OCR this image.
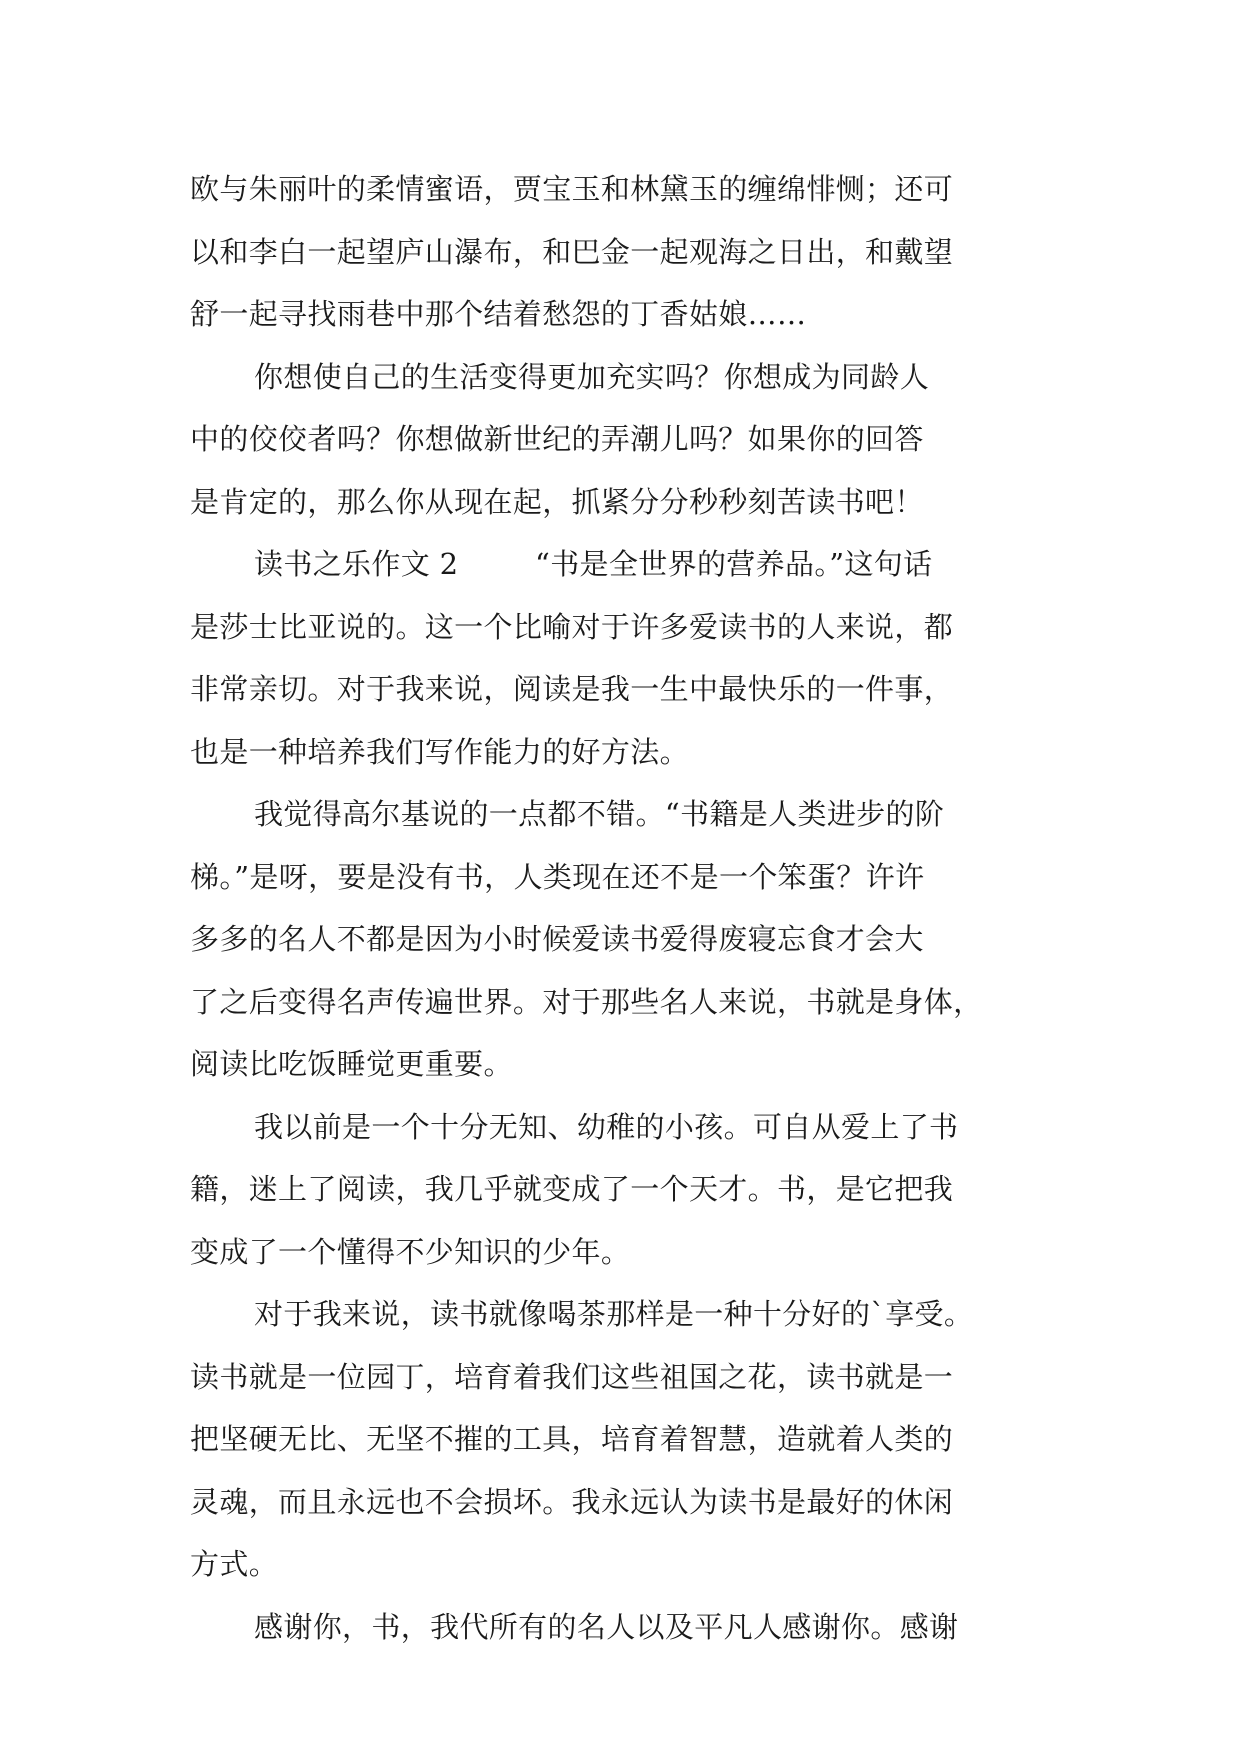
欧与朱丽叶的柔情蜜语，贾宝玉和林黛玉的缠绵悱恻；还可
以和李白一起望庐山瀑布，和巴金一起观海之日出，和戴望
舒一起寻找雨巷中那个结着愁怨的丁香姑娘……
你想使自己的生活变得更加充实吗？你想成为同龄人
中的佼佼者吗？你想做新世纪的弄潮儿吗？如果你的回答
是肯定的，那么你从现在起，抓紧分分秒秒刻苦读书吧！
读书之乐作文 2        “书是全世界的营养品。”这句话
是莎士比亚说的。这一个比喻对于许多爱读书的人来说，都
非常亲切。对于我来说，阅读是我一生中最快乐的一件事，
也是一种培养我们写作能力的好方法。
我觉得高尔基说的一点都不错。“书籍是人类进步的阶
梯。”是呀，要是没有书，人类现在还不是一个笨蛋？许许
多多的名人不都是因为小时候爱读书爱得废寝忘食才会大
了之后变得名声传遍世界。对于那些名人来说，书就是身体，
阅读比吃饭睡觉更重要。
我以前是一个十分无知、幼稚的小孩。可自从爱上了书
籍，迷上了阅读，我几乎就变成了一个天才。书，是它把我
变成了一个懂得不少知识的少年。
对于我来说，读书就像喝茶那样是一种十分好的`享受。
读书就是一位园丁，培育着我们这些祖国之花，读书就是一
把坚硬无比、无坚不摧的工具，培育着智慧，造就着人类的
灵魂，而且永远也不会损坏。我永远认为读书是最好的休闲
方式。
感谢你，书，我代所有的名人以及平凡人感谢你。感谢
